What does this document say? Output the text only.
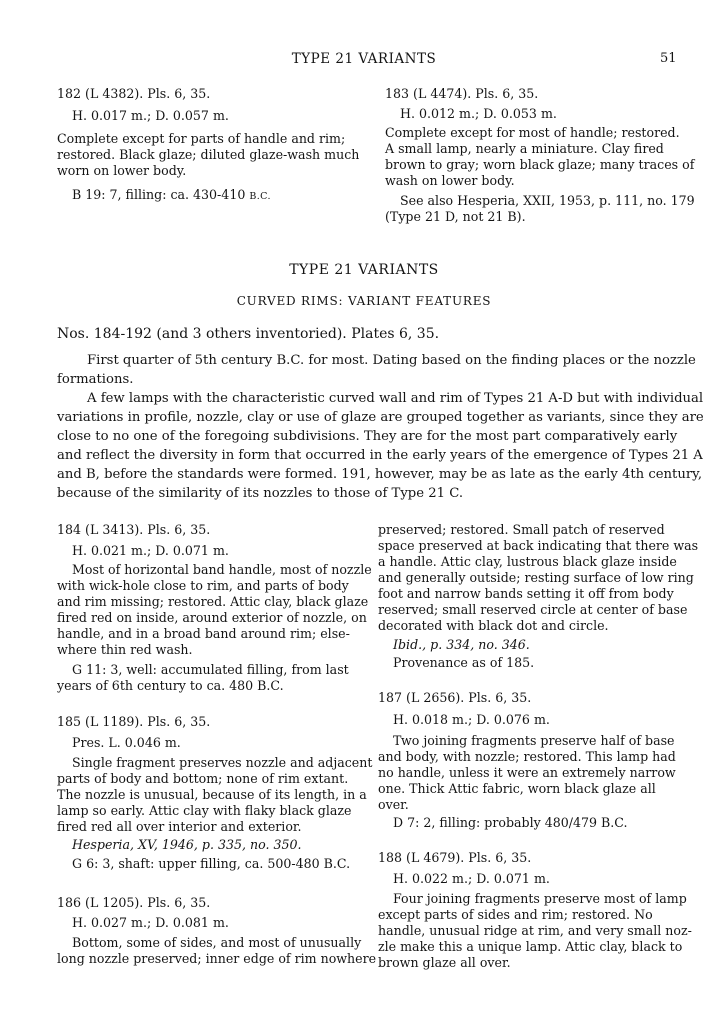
TYPE 21 VARIANTS	51
182 (L 4382). Pls. 6, 35.
H. 0.017 m.; D. 0.057 m.
Complete except for parts of handle and rim;
restored. Black glaze; diluted glaze-wash much
worn on lower body.
B 19: 7, filling: ca. 430-410 B.C.
183 (L 4474). Pls. 6, 35.
H. 0.012 m.; D. 0.053 m.
Complete except for most of handle; restored.
A small lamp, nearly a miniature. Clay fired
brown to gray; worn black glaze; many traces of
wash on lower body.
See also Hesperia, XXII, 1953, p. 111, no. 179
(Type 21 D, not 21 B).
TYPE 21 VARIANTS
CURVED RIMS: VARIANT FEATURES
Nos. 184-192 (and 3 others inventoried). Plates 6, 35.
First quarter of 5th century B.C. for most. Dating based on the finding places or the nozzle
formations.
A few lamps with the characteristic curved wall and rim of Types 21 A-D but with individual
variations in profile, nozzle, clay or use of glaze are grouped together as variants, since they are
close to no one of the foregoing subdivisions. They are for the most part comparatively early
and reflect the diversity in form that occurred in the early years of the emergence of Types 21 A
and B, before the standards were formed. 191, however, may be as late as the early 4th century,
because of the similarity of its nozzles to those of Type 21 C.
184 (L 3413). Pls. 6, 35.
H. 0.021 m.; D. 0.071 m.
Most of horizontal band handle, most of nozzle
with wick-hole close to rim, and parts of body
and rim missing; restored. Attic clay, black glaze
fired red on inside, around exterior of nozzle, on
handle, and in a broad band around rim; else-
where thin red wash.
G 11: 3, well: accumulated filling, from last
years of 6th century to ca. 480 B.C.
185 (L 1189). Pls. 6, 35.
Pres. L. 0.046 m.
Single fragment preserves nozzle and adjacent
parts of body and bottom; none of rim extant.
The nozzle is unusual, because of its length, in a
lamp so early. Attic clay with flaky black glaze
fired red all over interior and exterior.
Hesperia, XV, 1946, p. 335, no. 350.
G 6: 3, shaft: upper filling, ca. 500-480 B.C.
186 (L 1205). Pls. 6, 35.
H. 0.027 m.; D. 0.081 m.
Bottom, some of sides, and most of unusually
long nozzle preserved; inner edge of rim nowhere
preserved; restored. Small patch of reserved
space preserved at back indicating that there was
a handle. Attic clay, lustrous black glaze inside
and generally outside; resting surface of low ring
foot and narrow bands setting it off from body
reserved; small reserved circle at center of base
decorated with black dot and circle.
Ibid., p. 334, no. 346.
Provenance as of 185.
187 (L 2656). Pls. 6, 35.
H. 0.018 m.; D. 0.076 m.
Two joining fragments preserve half of base
and body, with nozzle; restored. This lamp had
no handle, unless it were an extremely narrow
one. Thick Attic fabric, worn black glaze all
over.
D 7: 2, filling: probably 480/479 B.C.
188 (L 4679). Pls. 6, 35.
H. 0.022 m.; D. 0.071 m.
Four joining fragments preserve most of lamp
except parts of sides and rim; restored. No
handle, unusual ridge at rim, and very small noz-
zle make this a unique lamp. Attic clay, black to
brown glaze all over.
